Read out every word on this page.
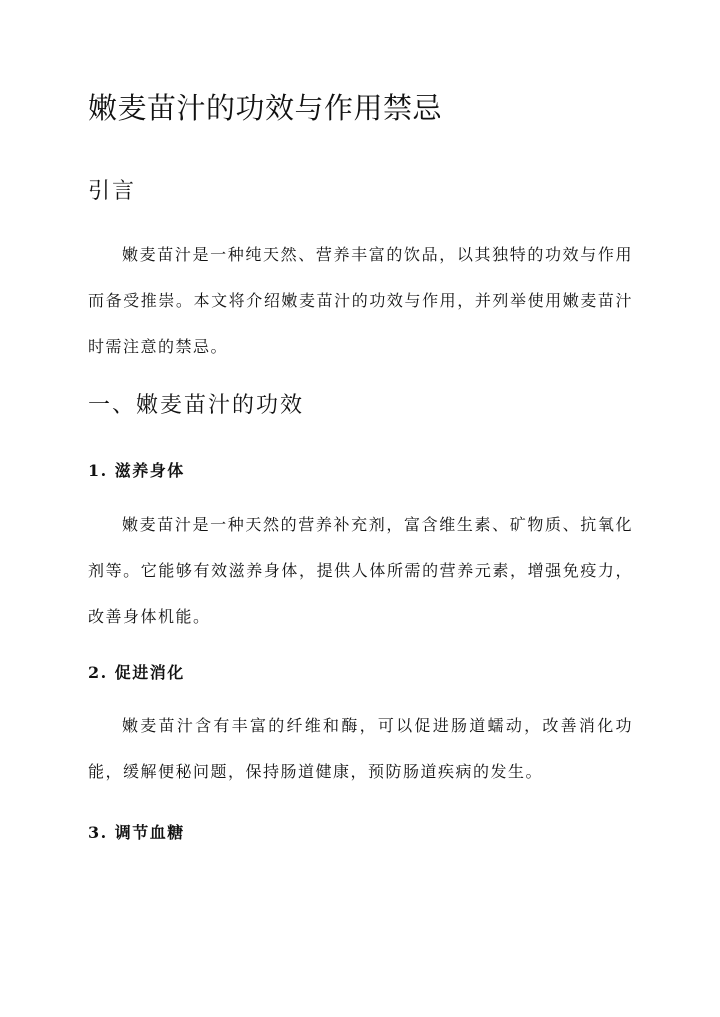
嫩麦苗汁的功效与作用禁忌
引言

嫩麦苗汁是一种纯天然、营养丰富的饮品，以其独特的功效与作用而备受推崇。本文将介绍嫩麦苗汁的功效与作用，并列举使用嫩麦苗汁时需注意的禁忌。

一、嫩麦苗汁的功效
1. 滋养身体

嫩麦苗汁是一种天然的营养补充剂，富含维生素、矿物质、抗氧化剂等。它能够有效滋养身体，提供人体所需的营养元素，增强免疫力，改善身体机能。

2. 促进消化

嫩麦苗汁含有丰富的纤维和酶，可以促进肠道蠕动，改善消化功能，缓解便秘问题，保持肠道健康，预防肠道疾病的发生。

3. 调节血糖
